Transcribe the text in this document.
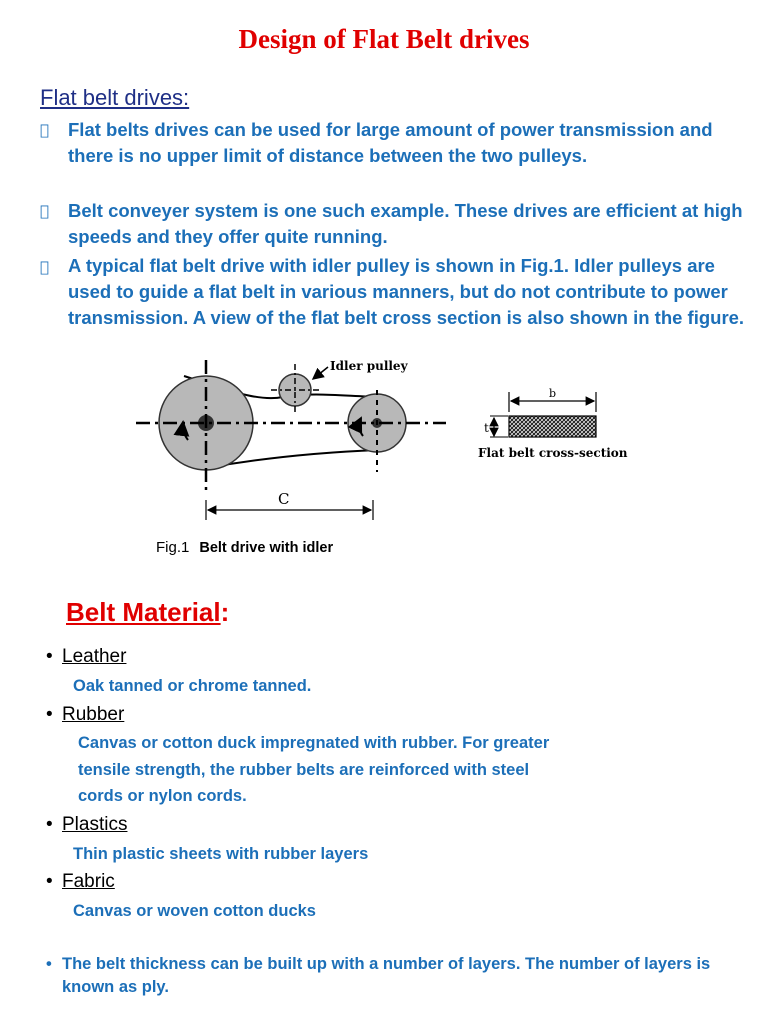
Design of Flat Belt drives
Flat belt drives:
Flat belts drives can be used for large amount of power transmission and there is no upper limit of distance between the two pulleys.
Belt conveyer system is one such example. These drives are efficient at high speeds and they offer quite running.
A typical flat belt drive with idler pulley is shown in Fig.1. Idler pulleys are used to guide a flat belt in various manners, but do not contribute to power transmission. A view of the flat belt cross section is also shown in the figure.
Idler pulley
C
b
t
Flat belt cross-section
Fig.1 Belt drive with idler
Belt Material:
• Leather
Oak tanned or chrome tanned.
• Rubber
Canvas or cotton duck impregnated with rubber. For greater
tensile strength, the rubber belts are reinforced with steel
cords or nylon cords.
• Plastics
Thin plastic sheets with rubber layers
• Fabric
Canvas or woven cotton ducks
• The belt thickness can be built up with a number of layers. The number of layers is known as ply.
